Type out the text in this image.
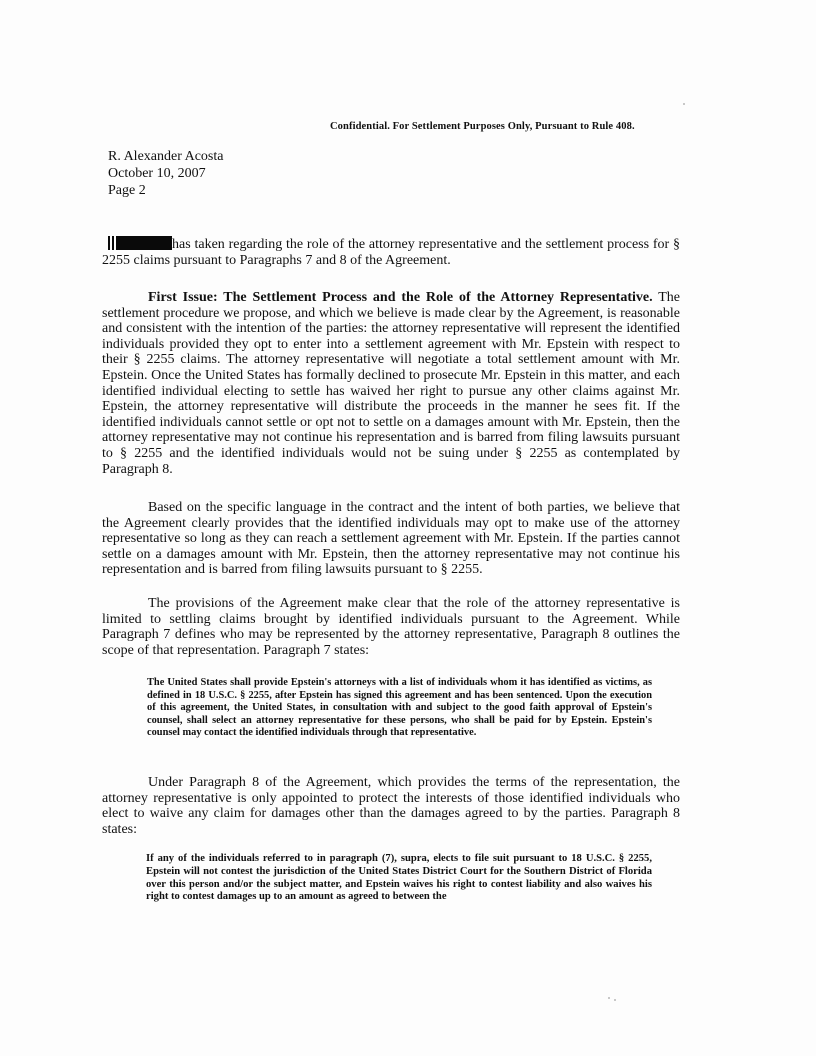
Confidential. For Settlement Purposes Only, Pursuant to Rule 408.
R. Alexander Acosta
October 10, 2007
Page 2
has taken regarding the role of the attorney representative and the settlement process for § 2255 claims pursuant to Paragraphs 7 and 8 of the Agreement.
First Issue: The Settlement Process and the Role of the Attorney Representative. The settlement procedure we propose, and which we believe is made clear by the Agreement, is reasonable and consistent with the intention of the parties: the attorney representative will represent the identified individuals provided they opt to enter into a settlement agreement with Mr. Epstein with respect to their § 2255 claims. The attorney representative will negotiate a total settlement amount with Mr. Epstein. Once the United States has formally declined to prosecute Mr. Epstein in this matter, and each identified individual electing to settle has waived her right to pursue any other claims against Mr. Epstein, the attorney representative will distribute the proceeds in the manner he sees fit. If the identified individuals cannot settle or opt not to settle on a damages amount with Mr. Epstein, then the attorney representative may not continue his representation and is barred from filing lawsuits pursuant to § 2255 and the identified individuals would not be suing under § 2255 as contemplated by Paragraph 8.
Based on the specific language in the contract and the intent of both parties, we believe that the Agreement clearly provides that the identified individuals may opt to make use of the attorney representative so long as they can reach a settlement agreement with Mr. Epstein. If the parties cannot settle on a damages amount with Mr. Epstein, then the attorney representative may not continue his representation and is barred from filing lawsuits pursuant to § 2255.
The provisions of the Agreement make clear that the role of the attorney representative is limited to settling claims brought by identified individuals pursuant to the Agreement. While Paragraph 7 defines who may be represented by the attorney representative, Paragraph 8 outlines the scope of that representation. Paragraph 7 states:
The United States shall provide Epstein's attorneys with a list of individuals whom it has identified as victims, as defined in 18 U.S.C. § 2255, after Epstein has signed this agreement and has been sentenced. Upon the execution of this agreement, the United States, in consultation with and subject to the good faith approval of Epstein's counsel, shall select an attorney representative for these persons, who shall be paid for by Epstein. Epstein's counsel may contact the identified individuals through that representative.
Under Paragraph 8 of the Agreement, which provides the terms of the representation, the attorney representative is only appointed to protect the interests of those identified individuals who elect to waive any claim for damages other than the damages agreed to by the parties. Paragraph 8 states:
If any of the individuals referred to in paragraph (7), supra, elects to file suit pursuant to 18 U.S.C. § 2255, Epstein will not contest the jurisdiction of the United States District Court for the Southern District of Florida over this person and/or the subject matter, and Epstein waives his right to contest liability and also waives his right to contest damages up to an amount as agreed to between the
